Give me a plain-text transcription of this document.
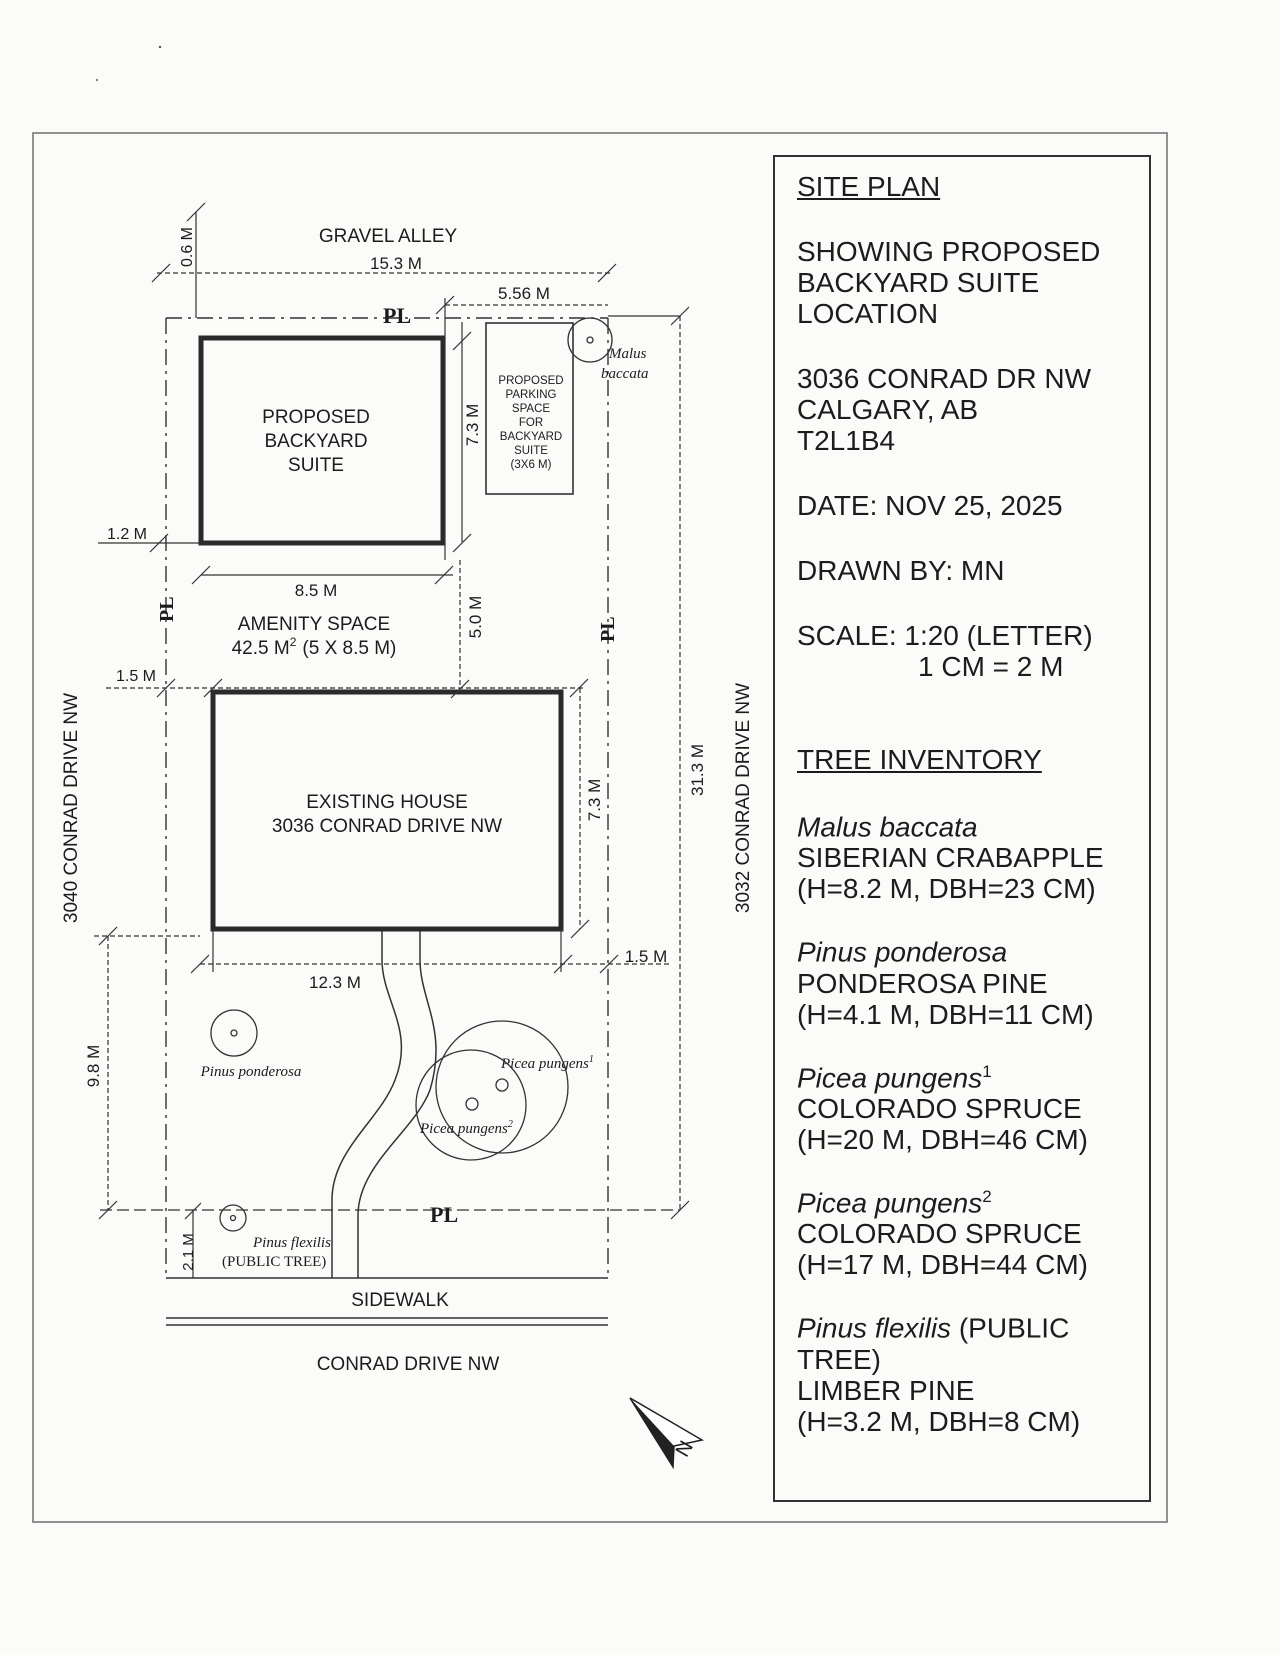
PROPOSED
BACKYARD
SUITE
PROPOSED
PARKING
SPACE
FOR
BACKYARD
SUITE
(3X6 M)
EXISTING HOUSE
3036 CONRAD DRIVE NW
SIDEWALK
CONRAD DRIVE NW
GRAVEL ALLEY
15.3 M
5.56 M
0.6 M
7.3 M
1.2 M
8.5 M
AMENITY SPACE
42.5 $M^2$ (5 X 8.5 M)
5.0 M
1.5 M
7.3 M
31.3 M
12.3 M
1.5 M
9.8 M
2.1 M
3040 CONRAD DRIVE NW	3032 CONRAD DRIVE NW
PL
PL
PL
PL
Malus
baccata
Pinus ponderosa	Picea pungens$^1$
Picea pungens$^2$
Pinus flexilis
(PUBLIC TREE)
N
SITE PLAN
SHOWING PROPOSED
BACKYARD SUITE
LOCATION
3036 CONRAD DR NW
CALGARY, AB
T2L1B4
DATE: NOV 25, 2025
DRAWN BY: MN
SCALE: 1:20 (LETTER)
1 CM = 2 M
TREE INVENTORY
Malus baccata
SIBERIAN CRABAPPLE
(H=8.2 M, DBH=23 CM)
Pinus ponderosa
PONDEROSA PINE
(H=4.1 M, DBH=11 CM)
Picea pungens$^1$
COLORADO SPRUCE
(H=20 M, DBH=46 CM)
Picea pungens$^2$
COLORADO SPRUCE
(H=17 M, DBH=44 CM)
Pinus flexilis (PUBLIC TREE)
LIMBER PINE
(H=3.2 M, DBH=8 CM)
